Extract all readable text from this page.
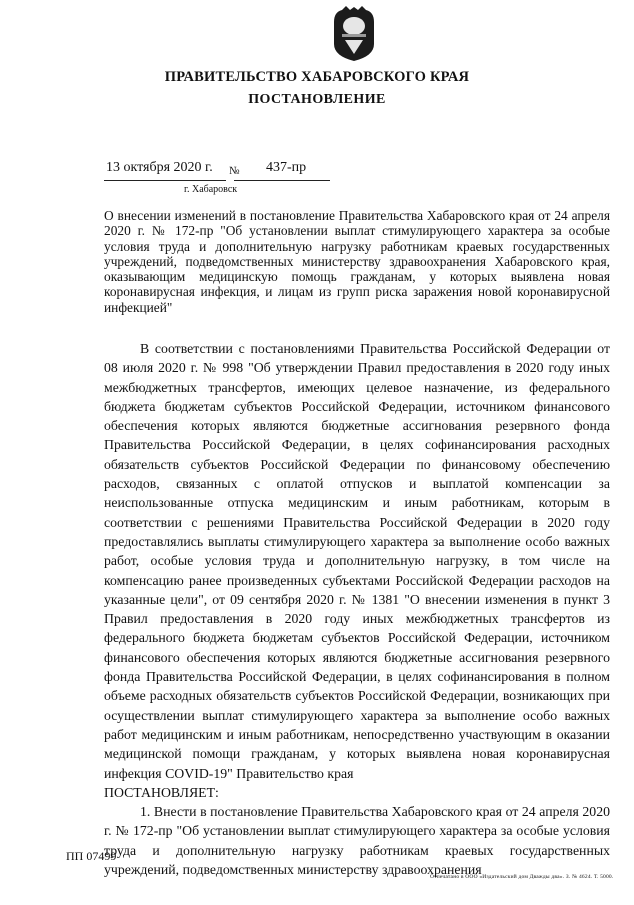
ПРАВИТЕЛЬСТВО ХАБАРОВСКОГО КРАЯ
ПОСТАНОВЛЕНИЕ
13 октября 2020 г. № 437-пр
г. Хабаровск
О внесении изменений в постановление Правительства Хабаровского края от 24 апреля 2020 г. № 172-пр "Об установлении выплат стимулирующего характера за особые условия труда и дополнительную нагрузку работникам краевых государственных учреждений, подведомственных министерству здравоохранения Хабаровского края, оказывающим медицинскую помощь гражданам, у которых выявлена новая коронавирусная инфекция, и лицам из групп риска заражения новой коронавирусной инфекцией"

В соответствии с постановлениями Правительства Российской Федерации от 08 июля 2020 г. № 998 "Об утверждении Правил предоставления в 2020 году иных межбюджетных трансфертов, имеющих целевое назначение, из федерального бюджета бюджетам субъектов Российской Федерации, источником финансового обеспечения которых являются бюджетные ассигнования резервного фонда Правительства Российской Федерации, в целях софинансирования расходных обязательств субъектов Российской Федерации по финансовому обеспечению расходов, связанных с оплатой отпусков и выплатой компенсации за неиспользованные отпуска медицинским и иным работникам, которым в соответствии с решениями Правительства Российской Федерации в 2020 году предоставлялись выплаты стимулирующего характера за выполнение особо важных работ, особые условия труда и дополнительную нагрузку, в том числе на компенсацию ранее произведенных субъектами Российской Федерации расходов на указанные цели", от 09 сентября 2020 г. № 1381 "О внесении изменения в пункт 3 Правил предоставления в 2020 году иных межбюджетных трансфертов из федерального бюджета бюджетам субъектов Российской Федерации, источником финансового обеспечения которых являются бюджетные ассигнования резервного фонда Правительства Российской Федерации, в целях софинансирования в полном объеме расходных обязательств субъектов Российской Федерации, возникающих при осуществлении выплат стимулирующего характера за выполнение особо важных работ медицинским и иным работникам, непосредственно участвующим в оказании медицинской помощи гражданам, у которых выявлена новая коронавирусная инфекция COVID-19" Правительство края

ПОСТАНОВЛЯЕТ:

1. Внести в постановление Правительства Хабаровского края от 24 апреля 2020 г. № 172-пр "Об установлении выплат стимулирующего характера за особые условия труда и дополнительную нагрузку работникам краевых государственных учреждений, подведомственных министерству здравоохранения

ПП 07499
Отпечатано в ООО «Издательский дом Дважды два». З. № 4624. Т. 5000.
